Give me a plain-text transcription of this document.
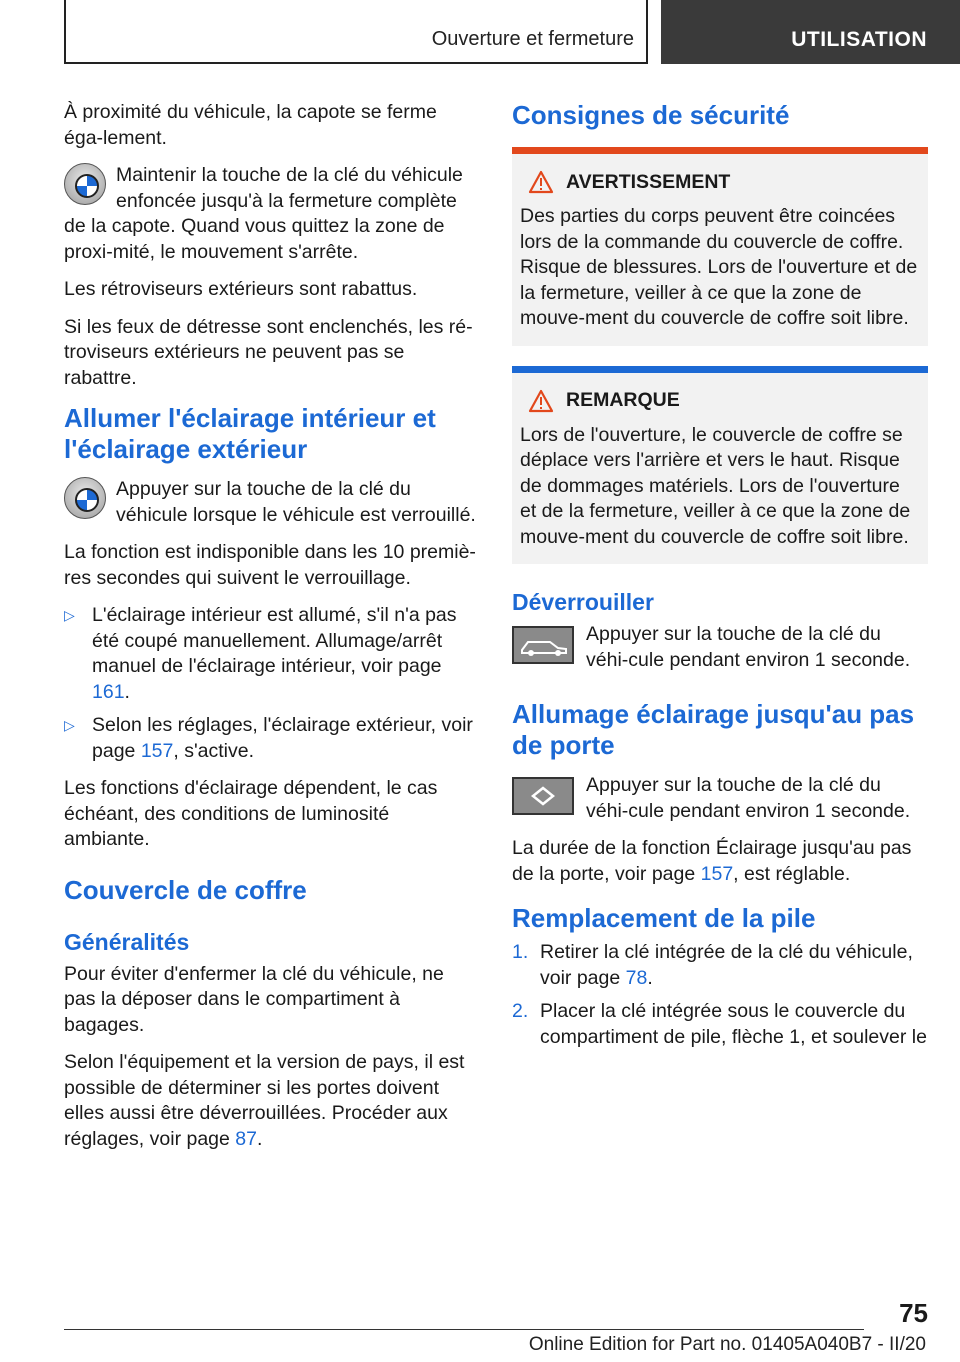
Ouverture et fermeture	UTILISATION

À proximité du véhicule, la capote se ferme éga-lement.

Maintenir la touche de la clé du véhicule enfoncée jusqu'à la fermeture complète de la capote. Quand vous quittez la zone de proxi-mité, le mouvement s'arrête.

Les rétroviseurs extérieurs sont rabattus.

Si les feux de détresse sont enclenchés, les ré-troviseurs extérieurs ne peuvent pas se rabattre.

Allumer l'éclairage intérieur et l'éclairage extérieur

Appuyer sur la touche de la clé du véhicule lorsque le véhicule est verrouillé.

La fonction est indisponible dans les 10 premiè-res secondes qui suivent le verrouillage.

▷ L'éclairage intérieur est allumé, s'il n'a pas été coupé manuellement. Allumage/arrêt manuel de l'éclairage intérieur, voir page 161.
▷ Selon les réglages, l'éclairage extérieur, voir page 157, s'active.

Les fonctions d'éclairage dépendent, le cas échéant, des conditions de luminosité ambiante.

Couvercle de coffre
Généralités

Pour éviter d'enfermer la clé du véhicule, ne pas la déposer dans le compartiment à bagages.

Selon l'équipement et la version de pays, il est possible de déterminer si les portes doivent elles aussi être déverrouillées. Procéder aux réglages, voir page 87.

Consignes de sécurité
AVERTISSEMENT

Des parties du corps peuvent être coincées lors de la commande du couvercle de coffre. Risque de blessures. Lors de l'ouverture et de la fermeture, veiller à ce que la zone de mouve-ment du couvercle de coffre soit libre.

REMARQUE

Lors de l'ouverture, le couvercle de coffre se déplace vers l'arrière et vers le haut. Risque de dommages matériels. Lors de l'ouverture et de la fermeture, veiller à ce que la zone de mouve-ment du couvercle de coffre soit libre.

Déverrouiller

Appuyer sur la touche de la clé du véhi-cule pendant environ 1 seconde.

Allumage éclairage jusqu'au pas de porte

Appuyer sur la touche de la clé du véhi-cule pendant environ 1 seconde.

La durée de la fonction Éclairage jusqu'au pas de la porte, voir page 157, est réglable.

Remplacement de la pile
1. Retirer la clé intégrée de la clé du véhicule, voir page 78.
2. Placer la clé intégrée sous le couvercle du compartiment de pile, flèche 1, et soulever le
75
Online Edition for Part no. 01405A040B7 - II/20
